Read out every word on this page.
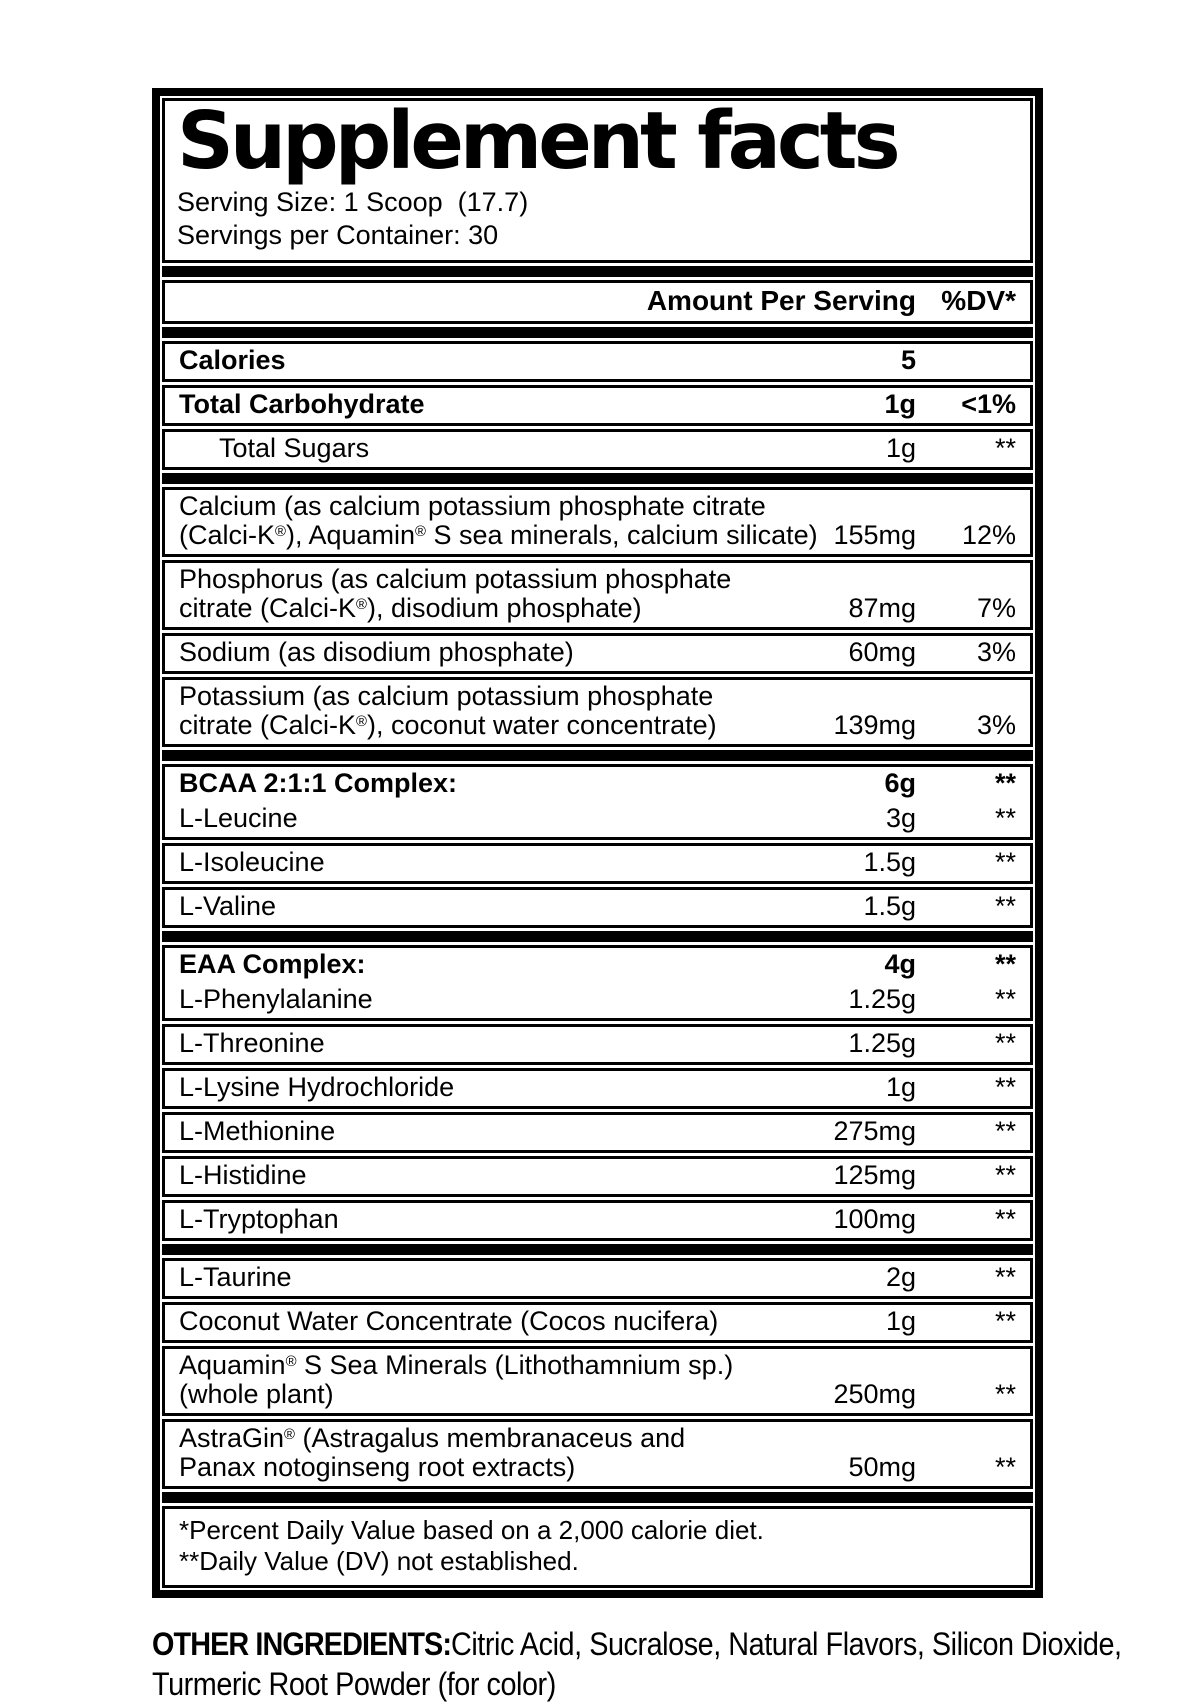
Supplement facts
Serving Size: 1 Scoop  (17.7)
Servings per Container: 30
Amount Per Serving %DV*
Calories	5
Total Carbohydrate	1g	<1%
Total Sugars	1g	**
Calcium (as calcium potassium phosphate citrate
(Calci-K®), Aquamin® S sea minerals, calcium silicate) 155mg	12%
Phosphorus (as calcium potassium phosphate
citrate (Calci-K®), disodium phosphate)	87mg	7%
Sodium (as disodium phosphate)	60mg	3%
Potassium (as calcium potassium phosphate
citrate (Calci-K®), coconut water concentrate)	139mg	3%
BCAA 2:1:1 Complex:	6g	**
L-Leucine	3g	**
L-Isoleucine	1.5g	**
L-Valine	1.5g	**
EAA Complex:	4g	**
L-Phenylalanine	1.25g	**
L-Threonine	1.25g	**
L-Lysine Hydrochloride	1g	**
L-Methionine	275mg	**
L-Histidine	125mg	**
L-Tryptophan	100mg	**
L-Taurine	2g	**
Coconut Water Concentrate (Cocos nucifera)	1g	**
Aquamin® S Sea Minerals (Lithothamnium sp.)
(whole plant)	250mg	**
AstraGin® (Astragalus membranaceus and
Panax notoginseng root extracts)	50mg	**
*Percent Daily Value based on a 2,000 calorie diet.
**Daily Value (DV) not established.

OTHER INGREDIENTS:Citric Acid, Sucralose, Natural Flavors, Silicon Dioxide, Turmeric Root Powder (for color)
